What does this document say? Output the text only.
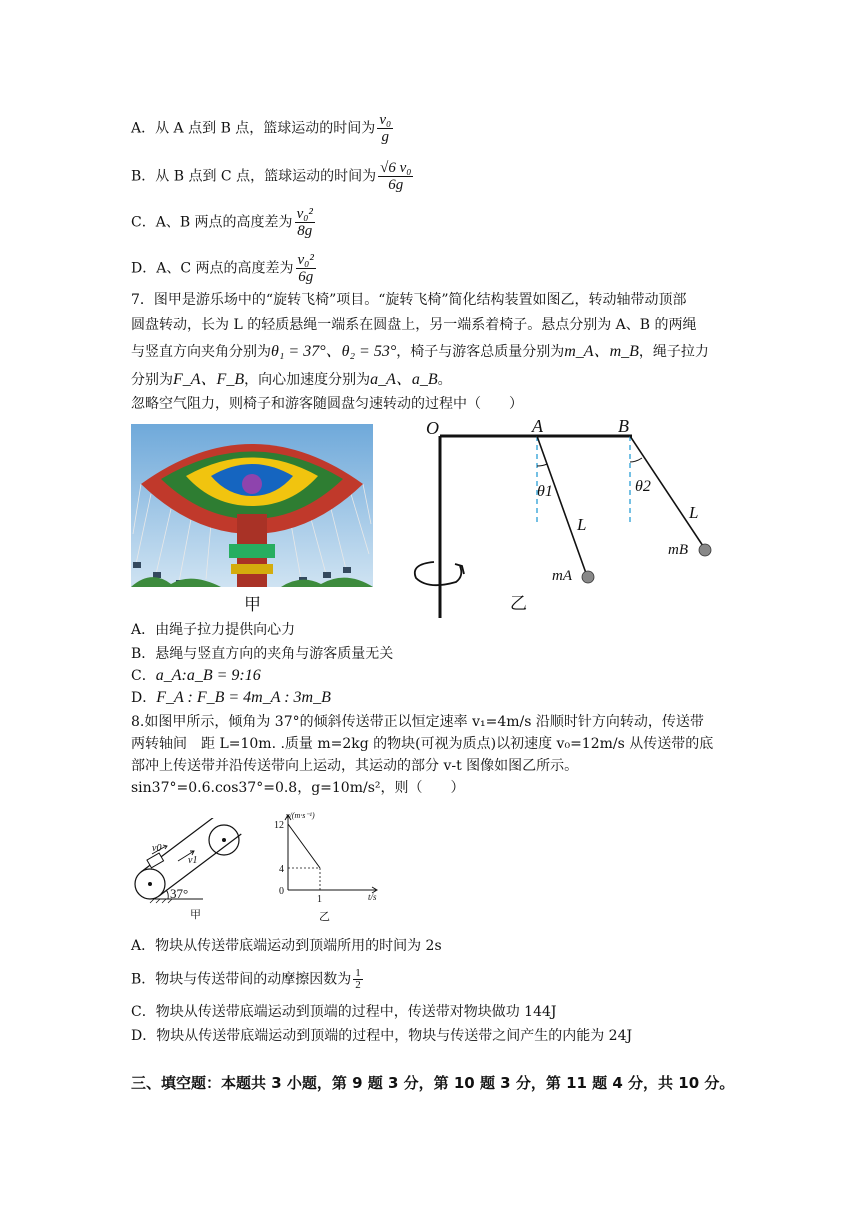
A．从 A 点到 B 点，篮球运动的时间为 $\frac{\text{v₀}}{g}$
B．从 B 点到 C 点，篮球运动的时间为 $\frac{\text{√6 v₀}}{6g}$
C．A、B 两点的高度差为 $\frac{\text{v₀²}}{8g}$
D．A、C 两点的高度差为 $\frac{\text{v₀²}}{6g}$
7．图甲是游乐场中的“旋转飞椅”项目。“旋转飞椅”简化结构装置如图乙，转动轴带动顶部
圆盘转动，长为 L 的轻质悬绳一端系在圆盘上，另一端系着椅子。悬点分别为 A、B 的两绳
与竖直方向夹角分别为θ₁ = 37°、θ₂ = 53°，椅子与游客总质量分别为m_A、m_B，绳子拉力
分别为F_A、F_B，向心加速度分别为a_A、a_B。
忽略空气阻力，则椅子和游客随圆盘匀速转动的过程中（　　）
甲
O	A	B
θ1	θ2
L
L
mB
mA
乙
A．由绳子拉力提供向心力
B．悬绳与竖直方向的夹角与游客质量无关
C．a_A:a_B = 9:16
D．F_A : F_B = 4m_A : 3m_B
8.如图甲所示，倾角为 37°的倾斜传送带正以恒定速率 v₁=4m/s 沿顺时针方向转动，传送带
两转轴间　距 L=10m. .质量 m=2kg 的物块(可视为质点)以初速度 v₀=12m/s 从传送带的底
部冲上传送带并沿传送带向上运动，其运动的部分 v-t 图像如图乙所示。
sin37°=0.6.cos37°=0.8，g=10m/s²，则（　　）
v0
v1
37°
甲
12
4
0
1
v/(m·s⁻¹)
t/s
乙
A．物块从传送带底端运动到顶端所用的时间为 2s
B．物块与传送带间的动摩擦因数为 $\frac{1}{2}$
C．物块从传送带底端运动到顶端的过程中，传送带对物块做功 144J
D．物块从传送带底端运动到顶端的过程中，物块与传送带之间产生的内能为 24J
三、填空题：本题共 3 小题，第 9 题 3 分，第 10 题 3 分，第 11 题 4 分，共 10 分。
